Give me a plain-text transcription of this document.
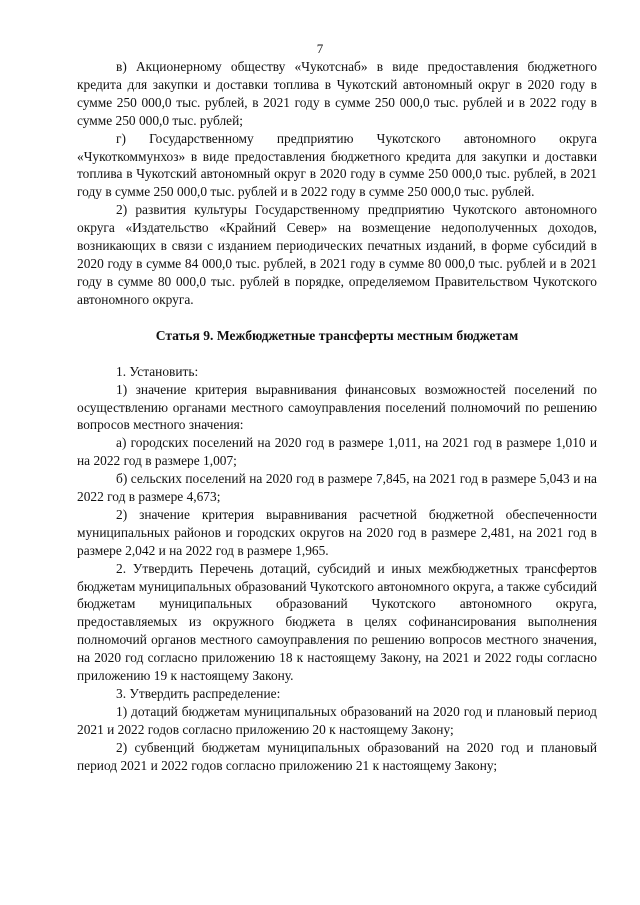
7

в) Акционерному обществу «Чукотснаб» в виде предоставления бюджетного кредита для закупки и доставки топлива в Чукотский автономный округ в 2020 году в сумме 250 000,0 тыс. рублей, в 2021 году в сумме 250 000,0 тыс. рублей и в 2022 году в сумме 250 000,0 тыс. рублей;

г) Государственному предприятию Чукотского автономного округа «Чукоткоммунхоз» в виде предоставления бюджетного кредита для закупки и доставки топлива в Чукотский автономный округ в 2020 году в сумме 250 000,0 тыс. рублей, в 2021 году в сумме 250 000,0 тыс. рублей и в 2022 году в сумме 250 000,0 тыс. рублей.

2) развития культуры Государственному предприятию Чукотского автономного округа «Издательство «Крайний Север» на возмещение недополученных доходов, возникающих в связи с изданием периодических печатных изданий, в форме субсидий в 2020 году в сумме 84 000,0 тыс. рублей, в 2021 году в сумме 80 000,0 тыс. рублей и в 2021 году в сумме 80 000,0 тыс. рублей в порядке, определяемом Правительством Чукотского автономного округа.

Статья 9. Межбюджетные трансферты местным бюджетам

1. Установить:

1) значение критерия выравнивания финансовых возможностей поселений по осуществлению органами местного самоуправления поселений полномочий по решению вопросов местного значения:

а) городских поселений на 2020 год в размере 1,011, на 2021 год в размере 1,010 и на 2022 год в размере 1,007;

б) сельских поселений на 2020 год в размере 7,845, на 2021 год в размере 5,043 и на 2022 год в размере 4,673;

2) значение критерия выравнивания расчетной бюджетной обеспеченности муниципальных районов и городских округов на 2020 год в размере 2,481, на 2021 год в размере 2,042 и на 2022 год в размере 1,965.

2. Утвердить Перечень дотаций, субсидий и иных межбюджетных трансфертов бюджетам муниципальных образований Чукотского автономного округа, а также субсидий бюджетам муниципальных образований Чукотского автономного округа, предоставляемых из окружного бюджета в целях софинансирования выполнения полномочий органов местного самоуправления по решению вопросов местного значения, на 2020 год согласно приложению 18 к настоящему Закону, на 2021 и 2022 годы согласно приложению 19 к настоящему Закону.

3. Утвердить распределение:

1) дотаций бюджетам муниципальных образований на 2020 год и плановый период 2021 и 2022 годов согласно приложению 20 к настоящему Закону;

2) субвенций бюджетам муниципальных образований на 2020 год и плановый период 2021 и 2022 годов согласно приложению 21 к настоящему Закону;
